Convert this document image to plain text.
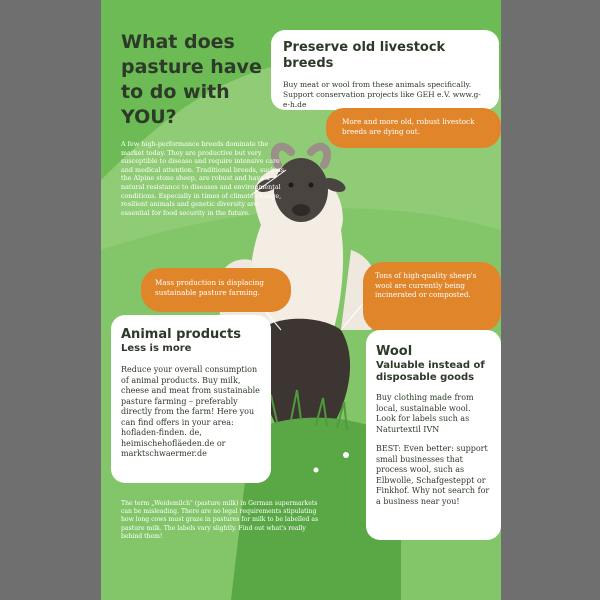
What does pasture have to do with YOU?
A few high-performance breeds dominate the market today. They are productive but very susceptible to disease and require intensive care and medical attention. Traditional breeds, such as the Alpine stone sheep, are robust and have a natural resistance to diseases and environmental conditions. Especially in times of climate change, resilient animals and genetic diversity are essential for food security in the future.
Preserve old livestock breeds

Buy meat or wool from these animals specifically. Support conservation projects like GEH e.V. www.g-e-h.de

More and more old, robust livestock breeds are dying out.
Mass production is displacing sustainable pasture farming.
Tons of high-quality sheep's wool are currently being incinerated or composted.
Animal products
Less is more

Reduce your overall consumption of animal products. Buy milk, cheese and meat from sustainable pasture farming – preferably directly from the farm! Here you can find offers in your area: hofladen-finden. de, heimischehofläeden.de or marktschwaermer.de

Wool
Valuable instead of disposable goods

Buy clothing made from local, sustainable wool. Look for labels such as Naturtextil IVN

BEST: Even better: support small businesses that process wool, such as Elbwolle, Schafgesteppt or Finkhof. Why not search for a business near you!

The term „Weidemilch" (pasture milk) in German supermarkets can be misleading. There are no legal requirements stipulating how long cows must graze in pastures for milk to be labelled as pasture milk. The labels vary slightly. Find out what's really behind them!
